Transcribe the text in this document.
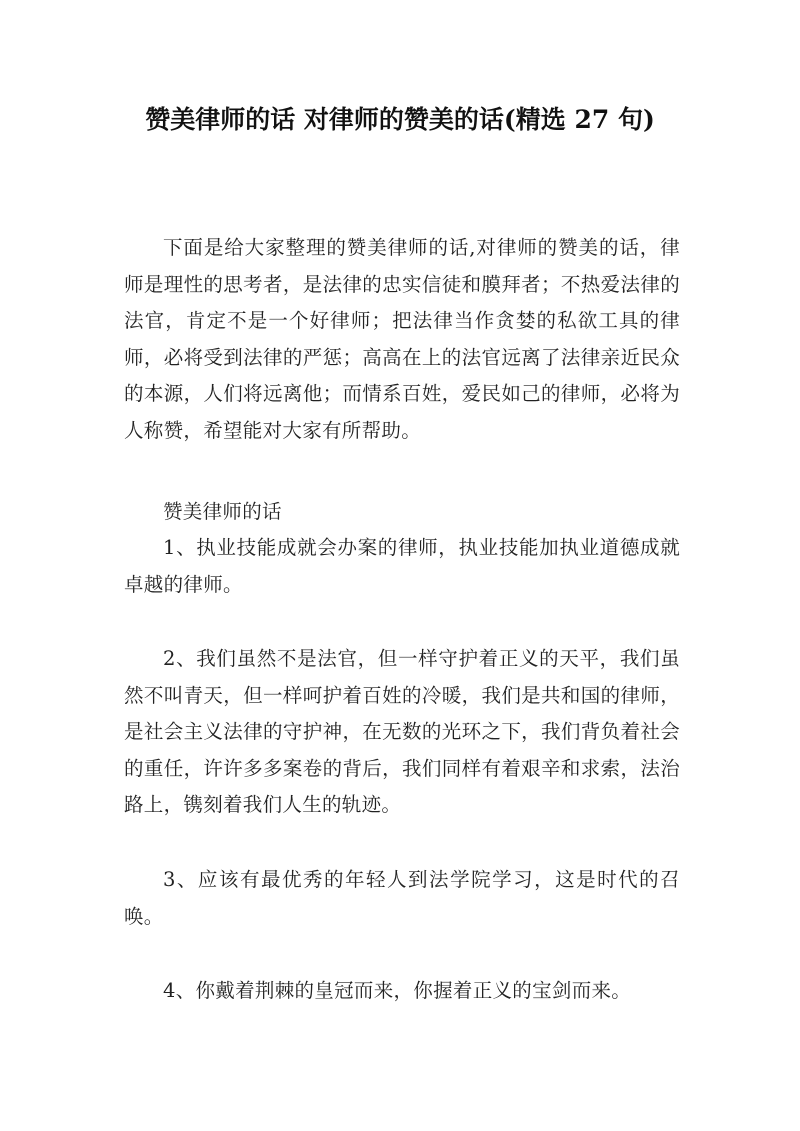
赞美律师的话 对律师的赞美的话(精选 27 句)

下面是给大家整理的赞美律师的话,对律师的赞美的话，律师是理性的思考者，是法律的忠实信徒和膜拜者；不热爱法律的法官，肯定不是一个好律师；把法律当作贪婪的私欲工具的律师，必将受到法律的严惩；高高在上的法官远离了法律亲近民众的本源，人们将远离他；而情系百姓，爱民如己的律师，必将为人称赞，希望能对大家有所帮助。

赞美律师的话

1、执业技能成就会办案的律师，执业技能加执业道德成就卓越的律师。

2、我们虽然不是法官，但一样守护着正义的天平，我们虽然不叫青天，但一样呵护着百姓的冷暖，我们是共和国的律师，是社会主义法律的守护神，在无数的光环之下，我们背负着社会的重任，许许多多案卷的背后，我们同样有着艰辛和求索，法治路上，镌刻着我们人生的轨迹。

3、应该有最优秀的年轻人到法学院学习，这是时代的召唤。

4、你戴着荆棘的皇冠而来，你握着正义的宝剑而来。
